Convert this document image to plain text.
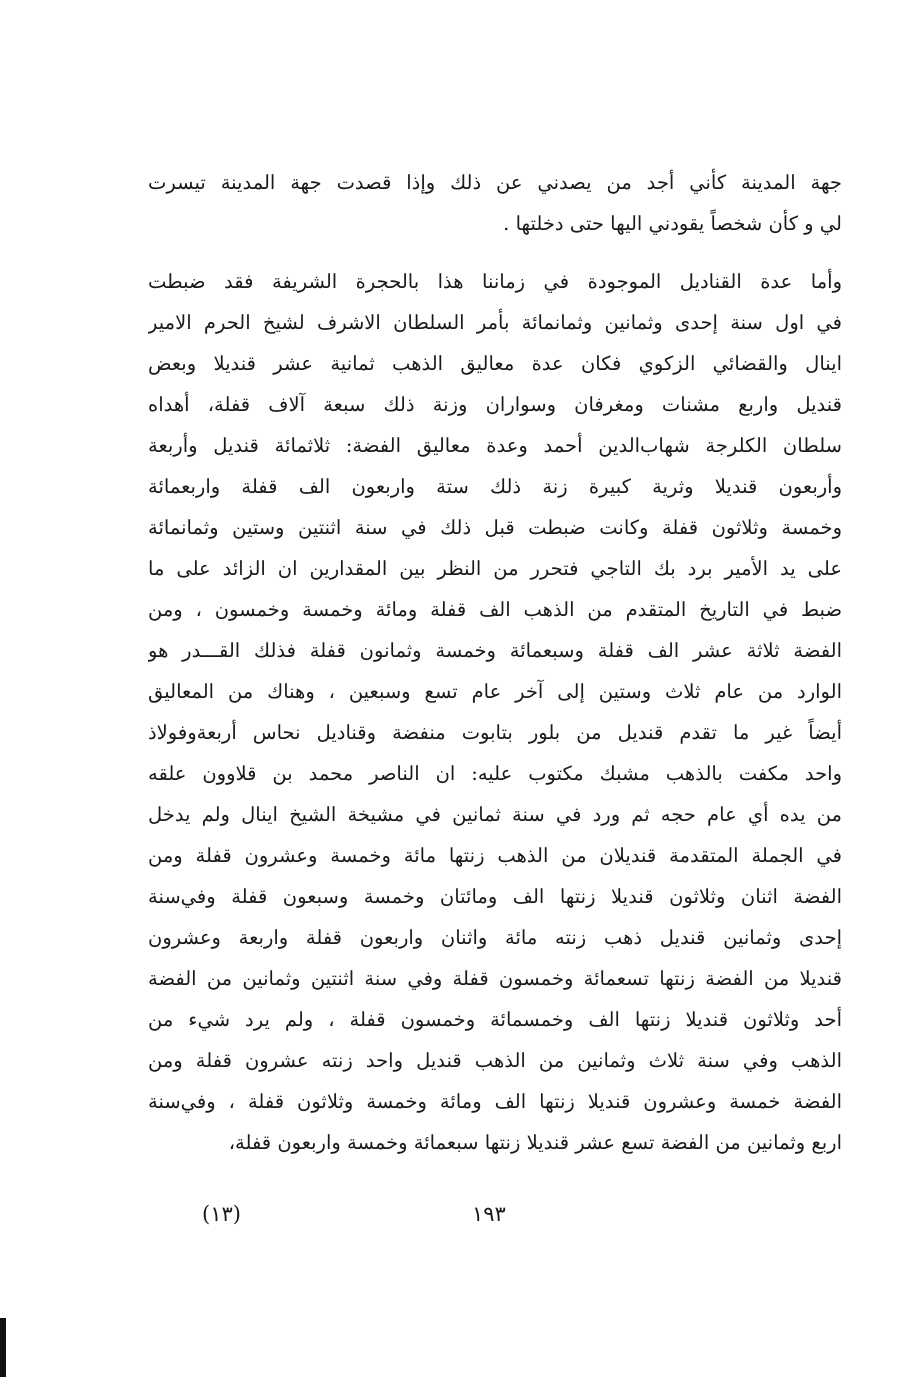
جهة المدينة كأني أجد من يصدني عن ذلك وإذا قصدت جهة المدينة تيسرت
لي و كأن شخصاً يقودني اليها حتى دخلتها .
وأما عدة القناديل الموجودة في زماننا هذا بالحجرة الشريفة فقد ضبطت
في اول سنة إحدى وثمانين وثمانمائة بأمر السلطان الاشرف لشيخ الحرم الامير
اينال والقضائي الزكوي فكان عدة معاليق الذهب ثمانية عشر قنديلا وبعض
قنديل واربع مشنات ومغرفان وسواران وزنة ذلك سبعة آلاف قفلة، أهداه
سلطان الكلرجة شهاب‌الدين أحمد وعدة معاليق الفضة: ثلاثمائة قنديل وأربعة
وأربعون قنديلا وثرية كبيرة زنة ذلك ستة واربعون الف قفلة واربعمائة
وخمسة وثلاثون قفلة وكانت ضبطت قبل ذلك في سنة اثنتين وستين وثمانمائة
على يد الأمير برد بك التاجي فتحرر من النظر بين المقدارين ان الزائد على ما
ضبط في التاريخ المتقدم من الذهب الف قفلة ومائة وخمسة وخمسون ، ومن
الفضة ثلاثة عشر الف قفلة وسبعمائة وخمسة وثمانون قفلة فذلك القـــدر هو
الوارد من عام ثلاث وستين إلى آخر عام تسع وسبعين ، وهناك من المعاليق
أيضاً غير ما تقدم قنديل من بلور بتابوت منفضة وقناديل نحاس أربعةوفولاذ
واحد مكفت بالذهب مشبك مكتوب عليه: ان الناصر محمد بن قلاوون علقه
من يده أي عام حجه ثم ورد في سنة ثمانين في مشيخة الشيخ اينال ولم يدخل
في الجملة المتقدمة قنديلان من الذهب زنتها مائة وخمسة وعشرون قفلة ومن
الفضة اثنان وثلاثون قنديلا زنتها الف ومائتان وخمسة وسبعون قفلة وفي‌سنة
إحدى وثمانين قنديل ذهب زنته مائة واثنان واربعون قفلة واربعة وعشرون
قنديلا من الفضة زنتها تسعمائة وخمسون قفلة وفي سنة اثنتين وثمانين من الفضة
أحد وثلاثون قنديلا زنتها الف وخمسمائة وخمسون قفلة ، ولم يرد شيء من
الذهب وفي سنة ثلاث وثمانين من الذهب قنديل واحد زنته عشرون قفلة ومن
الفضة خمسة وعشرون قنديلا زنتها الف ومائة وخمسة وثلاثون قفلة ، وفي‌سنة
اربع وثمانين من الفضة تسع عشر قنديلا زنتها سبعمائة وخمسة واربعون قفلة،
١٩٣
(١٣)
